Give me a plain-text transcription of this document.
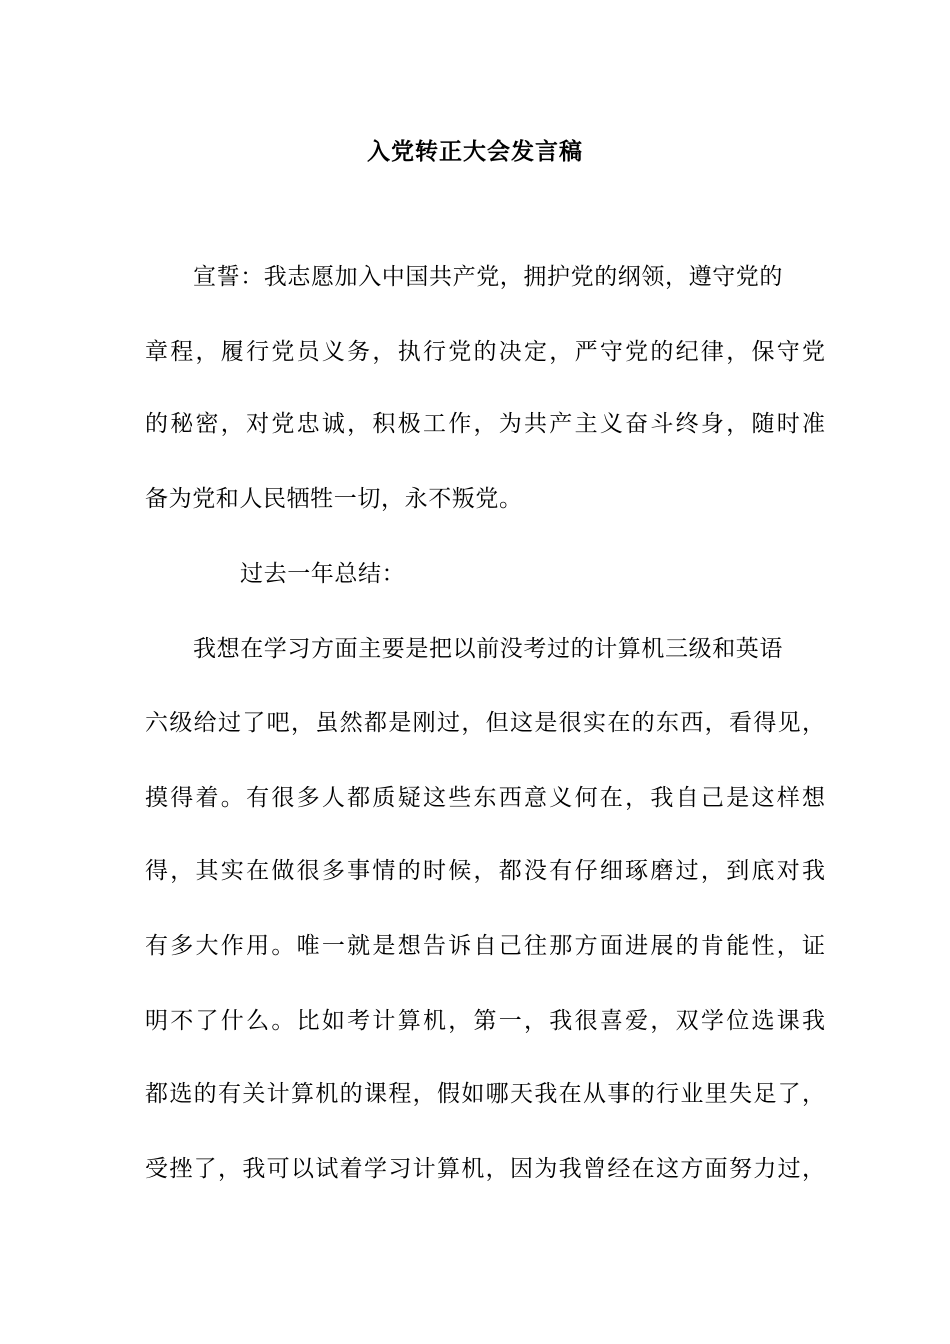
入党转正大会发言稿
宣誓：我志愿加入中国共产党，拥护党的纲领，遵守党的
章程，履行党员义务，执行党的决定，严守党的纪律，保守党
的秘密，对党忠诚，积极工作，为共产主义奋斗终身，随时准
备为党和人民牺牲一切，永不叛党。
过去一年总结：
我想在学习方面主要是把以前没考过的计算机三级和英语
六级给过了吧，虽然都是刚过，但这是很实在的东西，看得见，
摸得着。有很多人都质疑这些东西意义何在，我自己是这样想
得，其实在做很多事情的时候，都没有仔细琢磨过，到底对我
有多大作用。唯一就是想告诉自己往那方面进展的肯能性，证
明不了什么。比如考计算机，第一，我很喜爱，双学位选课我
都选的有关计算机的课程，假如哪天我在从事的行业里失足了，
受挫了，我可以试着学习计算机，因为我曾经在这方面努力过，
